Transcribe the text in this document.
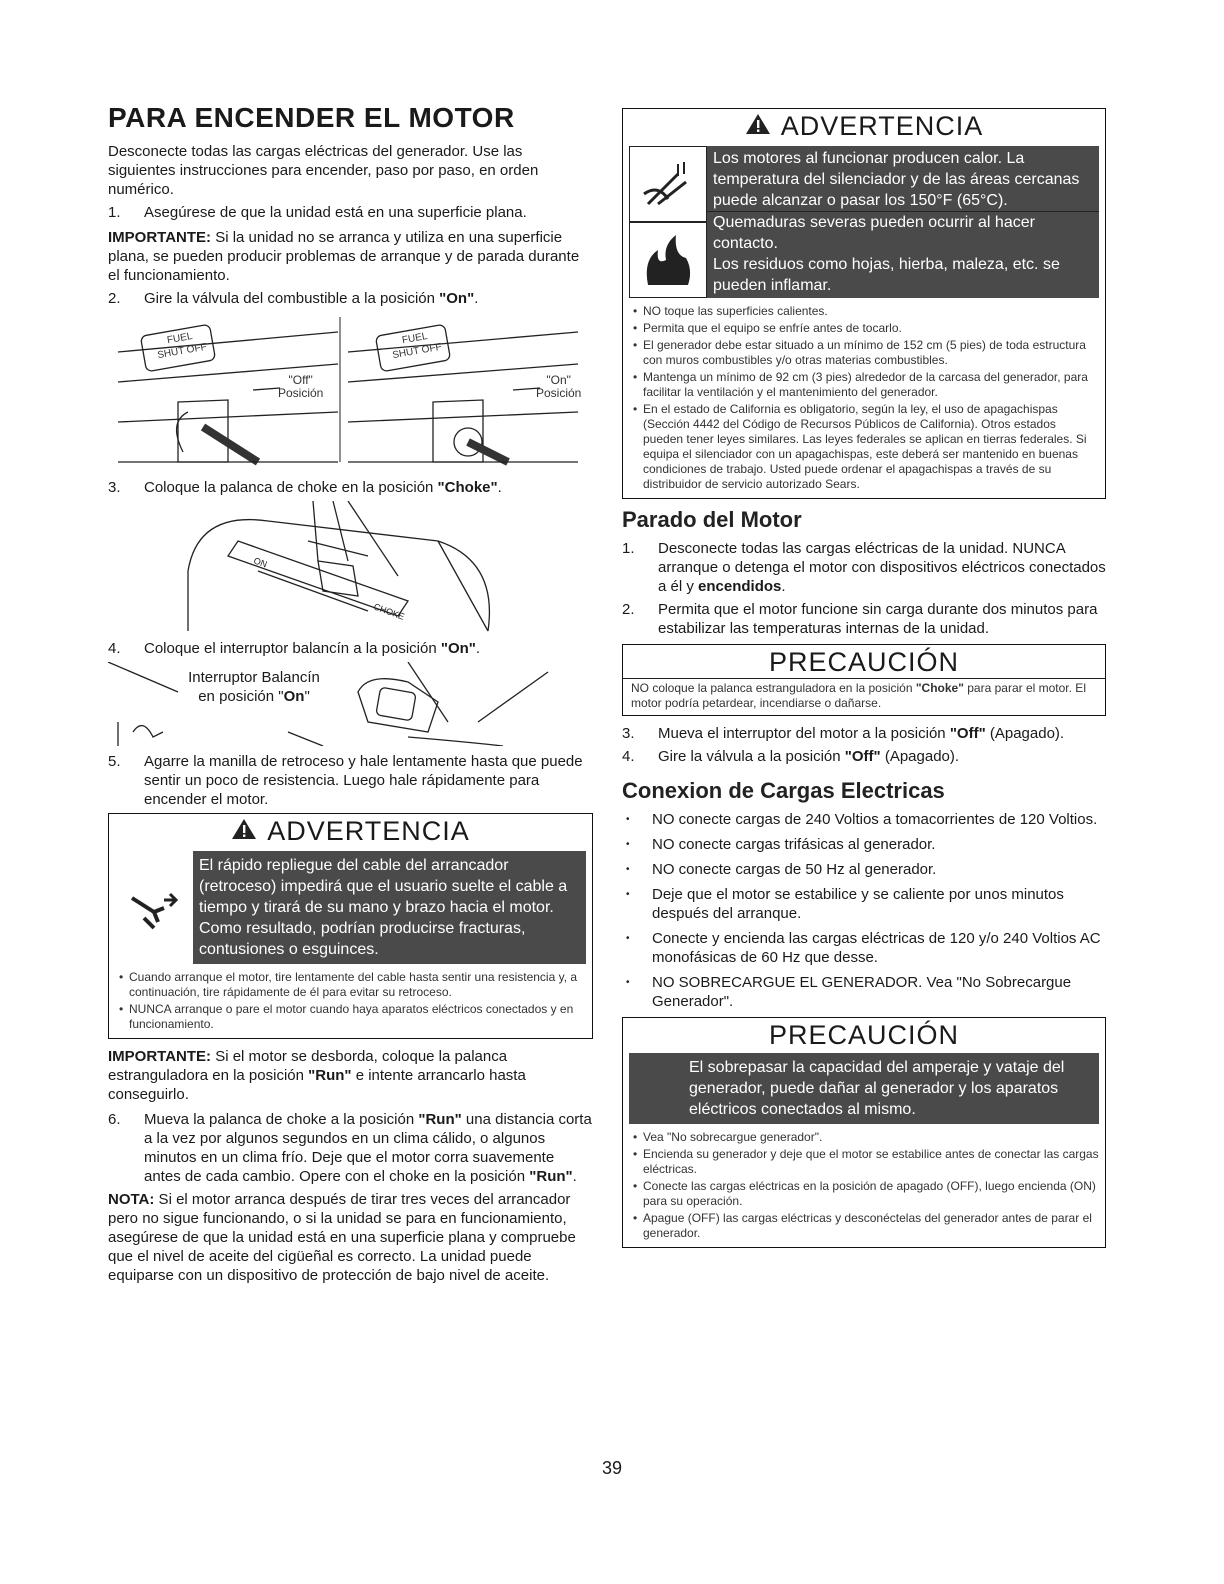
PARA ENCENDER EL MOTOR

Desconecte todas las cargas eléctricas del generador. Use las siguientes instrucciones para encender, paso por paso, en orden numérico.

1.	Asegúrese de que la unidad está en una superficie plana.

IMPORTANTE: Si la unidad no se arranca y utiliza en una superficie plana, se pueden producir problemas de arranque y de parada durante el funcionamiento.

2.	Gire la válvula del combustible a la posición "On".
FUEL
SHUT OFF
FUEL
SHUT OFF
"Off"
Posición
"On"
Posición
3.	Coloque la palanca de choke en la posición "Choke".
ON
CHOKE
4.	Coloque el interruptor balancín a la posición "On".
Interruptor Balancín
en posición "On"
5.	Agarre la manilla de retroceso y hale lentamente hasta que puede sentir un poco de resistencia. Luego hale rápidamente para encender el motor.
ADVERTENCIA
El rápido repliegue del cable del arrancador
(retroceso) impedirá que el usuario suelte el cable a
tiempo y tirará de su mano y brazo hacia el motor.
Como resultado, podrían producirse fracturas,
contusiones o esguinces.
• Cuando arranque el motor, tire lentamente del cable hasta sentir una resistencia y, a continuación, tire rápidamente de él para evitar su retroceso.
• NUNCA arranque o pare el motor cuando haya aparatos eléctricos conectados y en funcionamiento.

IMPORTANTE: Si el motor se desborda, coloque la palanca estranguladora en la posición "Run" e intente arrancarlo hasta conseguirlo.

6.	Mueva la palanca de choke a la posición "Run" una distancia corta a la vez por algunos segundos en un clima cálido, o algunos minutos en un clima frío. Deje que el motor corra suavemente antes de cada cambio. Opere con el choke en la posición "Run".

NOTA: Si el motor arranca después de tirar tres veces del arrancador pero no sigue funcionando, o si la unidad se para en funcionamiento, asegúrese de que la unidad está en una superficie plana y compruebe que el nivel de aceite del cigüeñal es correcto. La unidad puede equiparse con un dispositivo de protección de bajo nivel de aceite.

ADVERTENCIA
Los motores al funcionar producen calor. La
temperatura del silenciador y de las áreas cercanas
puede alcanzar o pasar los 150°F (65°C).
Quemaduras severas pueden ocurrir al hacer
contacto.
Los residuos como hojas, hierba, maleza, etc. se
pueden inflamar.
• NO toque las superficies calientes.
• Permita que el equipo se enfríe antes de tocarlo.
• El generador debe estar situado a un mínimo de 152 cm (5 pies) de toda estructura con muros combustibles y/o otras materias combustibles.
• Mantenga un mínimo de 92 cm (3 pies) alrededor de la carcasa del generador, para facilitar la ventilación y el mantenimiento del generador.
• En el estado de California es obligatorio, según la ley, el uso de apagachispas (Sección 4442 del Código de Recursos Públicos de California). Otros estados pueden tener leyes similares. Las leyes federales se aplican en tierras federales. Si equipa el silenciador con un apagachispas, este deberá ser mantenido en buenas condiciones de trabajo. Usted puede ordenar el apagachispas a través de su distribuidor de servicio autorizado Sears.
Parado del Motor
1.	Desconecte todas las cargas eléctricas de la unidad. NUNCA arranque o detenga el motor con dispositivos eléctricos conectados a él y encendidos.
2.	Permita que el motor funcione sin carga durante dos minutos para estabilizar las temperaturas internas de la unidad.
PRECAUCIÓN
NO coloque la palanca estranguladora en la posición "Choke" para parar el motor. El motor podría petardear, incendiarse o dañarse.
3.	Mueva el interruptor del motor a la posición "Off" (Apagado).
4.	Gire la válvula a la posición "Off" (Apagado).
Conexion de Cargas Electricas
• NO conecte cargas de 240 Voltios a tomacorrientes de 120 Voltios.
• NO conecte cargas trifásicas al generador.
• NO conecte cargas de 50 Hz al generador.
• Deje que el motor se estabilice y se caliente por unos minutos después del arranque.
• Conecte y encienda las cargas eléctricas de 120 y/o 240 Voltios AC monofásicas de 60 Hz que desse.
• NO SOBRECARGUE EL GENERADOR. Vea "No Sobrecargue Generador".
PRECAUCIÓN
El sobrepasar la capacidad del amperaje y vataje del
generador, puede dañar al generador y los aparatos
eléctricos conectados al mismo.
• Vea "No sobrecargue generador".
• Encienda su generador y deje que el motor se estabilice antes de conectar las cargas eléctricas.
• Conecte las cargas eléctricas en la posición de apagado (OFF), luego encienda (ON) para su operación.
• Apague (OFF) las cargas eléctricas y desconéctelas del generador antes de parar el generador.
39
